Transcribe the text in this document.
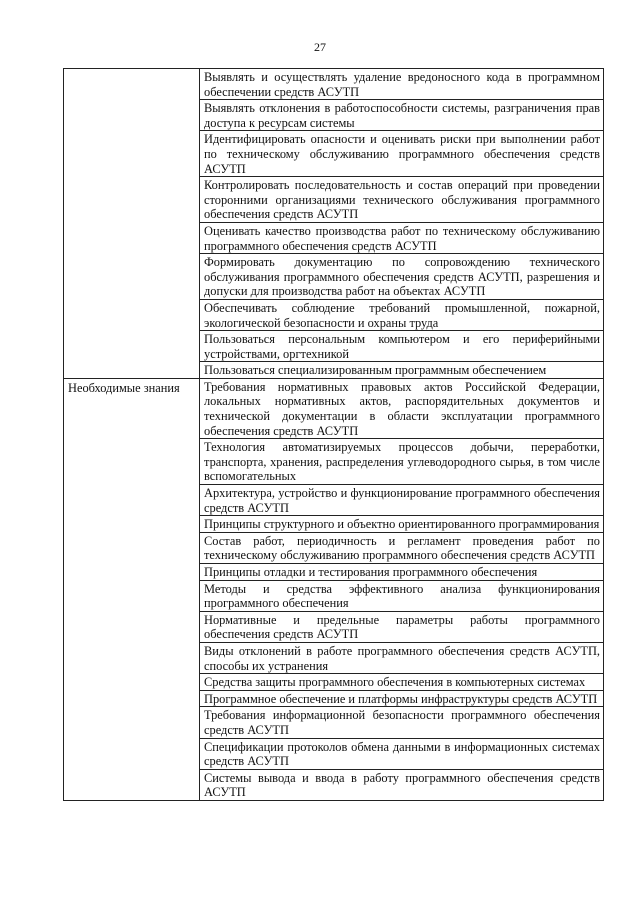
27
	Выявлять и осуществлять удаление вредоносного кода в программном обеспечении средств АСУТП
	Выявлять отклонения в работоспособности системы, разграничения прав доступа к ресурсам системы
	Идентифицировать опасности и оценивать риски при выполнении работ по техническому обслуживанию программного обеспечения средств АСУТП
	Контролировать последовательность и состав операций при проведении сторонними организациями технического обслуживания программного обеспечения средств АСУТП
	Оценивать качество производства работ по техническому обслуживанию программного обеспечения средств АСУТП
	Формировать документацию по сопровождению технического обслуживания программного обеспечения средств АСУТП, разрешения и допуски для производства работ на объектах АСУТП
	Обеспечивать соблюдение требований промышленной, пожарной, экологической безопасности и охраны труда
	Пользоваться персональным компьютером и его периферийными устройствами, оргтехникой
	Пользоваться специализированным программным обеспечением
Необходимые знания	Требования нормативных правовых актов Российской Федерации, локальных нормативных актов, распорядительных документов и технической документации в области эксплуатации программного обеспечения средств АСУТП
	Технология автоматизируемых процессов добычи, переработки, транспорта, хранения, распределения углеводородного сырья, в том числе вспомогательных
	Архитектура, устройство и функционирование программного обеспечения средств АСУТП
	Принципы структурного и объектно ориентированного программирования
	Состав работ, периодичность и регламент проведения работ по техническому обслуживанию программного обеспечения средств АСУТП
	Принципы отладки и тестирования программного обеспечения
	Методы и средства эффективного анализа функционирования программного обеспечения
	Нормативные и предельные параметры работы программного обеспечения средств АСУТП
	Виды отклонений в работе программного обеспечения средств АСУТП, способы их устранения
	Средства защиты программного обеспечения в компьютерных системах
	Программное обеспечение и платформы инфраструктуры средств АСУТП
	Требования информационной безопасности программного обеспечения средств АСУТП
	Спецификации протоколов обмена данными в информационных системах средств АСУТП
	Системы вывода и ввода в работу программного обеспечения средств АСУТП
